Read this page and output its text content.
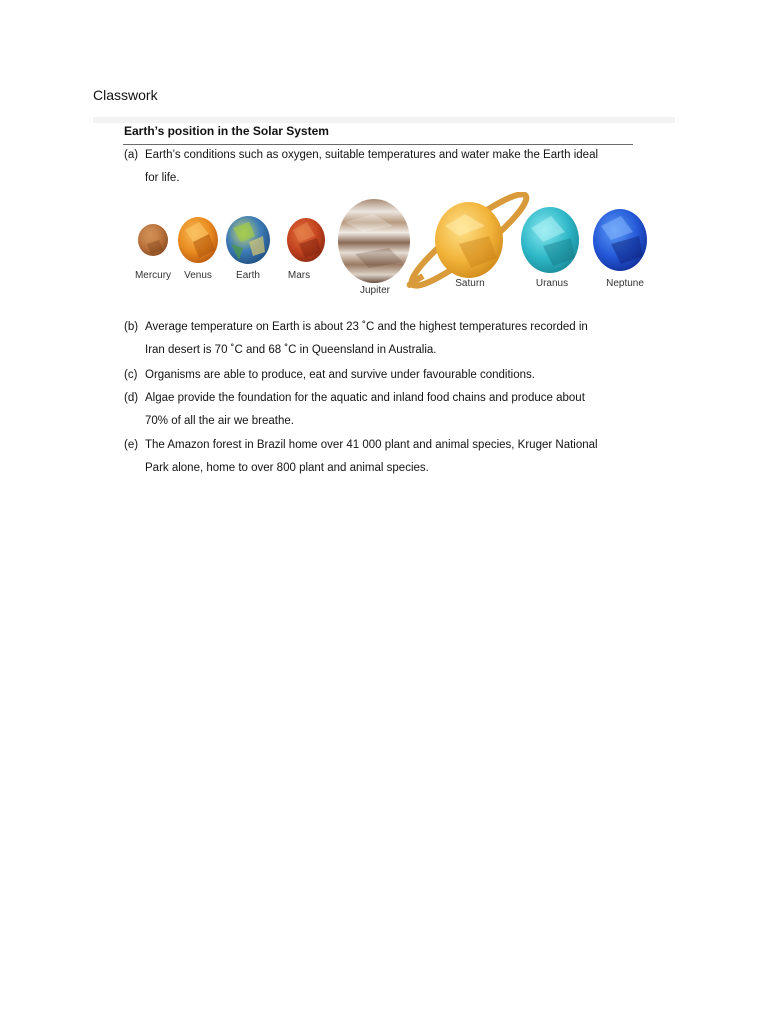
Classwork
Earth’s position in the Solar System
(a) Earth’s conditions such as oxygen, suitable temperatures and water make the Earth ideal
for life.
Mercury Venus Earth	Mars
Jupiter
Saturn	Uranus	Neptune
(b) Average temperature on Earth is about 23 ˚C and the highest temperatures recorded in
Iran desert is 70 ˚C and 68 ˚C in Queensland in Australia.
(c) Organisms are able to produce, eat and survive under favourable conditions.
(d) Algae provide the foundation for the aquatic and inland food chains and produce about
70% of all the air we breathe.
(e) The Amazon forest in Brazil home over 41 000 plant and animal species, Kruger National
Park alone, home to over 800 plant and animal species.
